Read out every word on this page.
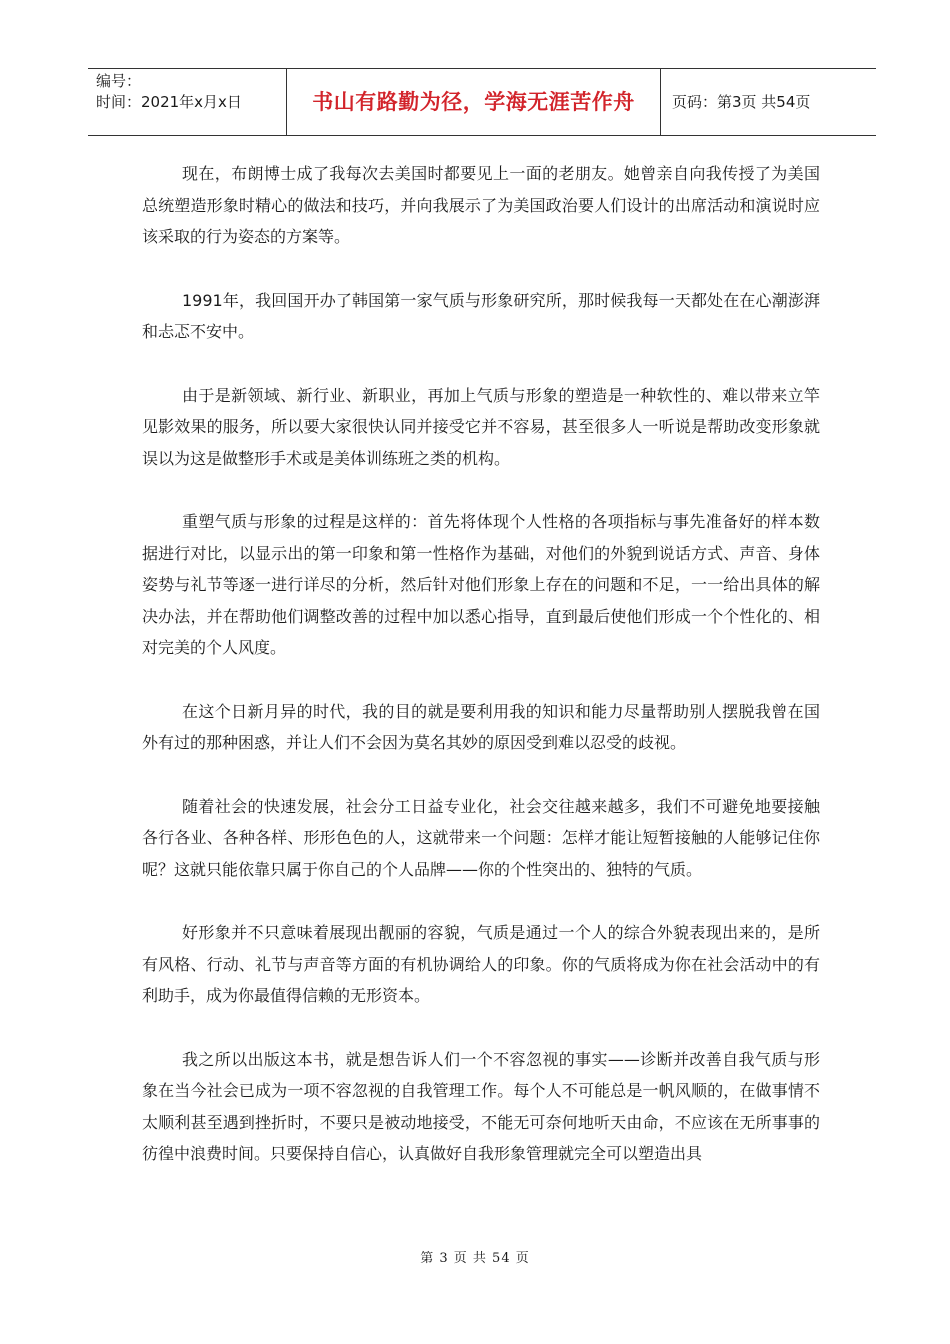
编号：
时间：2021年x月x日	书山有路勤为径，学海无涯苦作舟	页码：第3页 共54页

现在，布朗博士成了我每次去美国时都要见上一面的老朋友。她曾亲自向我传授了为美国总统塑造形象时精心的做法和技巧，并向我展示了为美国政治要人们设计的出席活动和演说时应该采取的行为姿态的方案等。

1991年，我回国开办了韩国第一家气质与形象研究所，那时候我每一天都处在在心潮澎湃和忐忑不安中。

由于是新领域、新行业、新职业，再加上气质与形象的塑造是一种软性的、难以带来立竿见影效果的服务，所以要大家很快认同并接受它并不容易，甚至很多人一听说是帮助改变形象就误以为这是做整形手术或是美体训练班之类的机构。

重塑气质与形象的过程是这样的：首先将体现个人性格的各项指标与事先准备好的样本数据进行对比，以显示出的第一印象和第一性格作为基础，对他们的外貌到说话方式、声音、身体姿势与礼节等逐一进行详尽的分析，然后针对他们形象上存在的问题和不足，一一给出具体的解决办法，并在帮助他们调整改善的过程中加以悉心指导，直到最后使他们形成一个个性化的、相对完美的个人风度。

在这个日新月异的时代，我的目的就是要利用我的知识和能力尽量帮助别人摆脱我曾在国外有过的那种困惑，并让人们不会因为莫名其妙的原因受到难以忍受的歧视。

随着社会的快速发展，社会分工日益专业化，社会交往越来越多，我们不可避免地要接触各行各业、各种各样、形形色色的人，这就带来一个问题：怎样才能让短暂接触的人能够记住你呢？这就只能依靠只属于你自己的个人品牌——你的个性突出的、独特的气质。

好形象并不只意味着展现出靓丽的容貌，气质是通过一个人的综合外貌表现出来的，是所有风格、行动、礼节与声音等方面的有机协调给人的印象。你的气质将成为你在社会活动中的有利助手，成为你最值得信赖的无形资本。

我之所以出版这本书，就是想告诉人们一个不容忽视的事实——诊断并改善自我气质与形象在当今社会已成为一项不容忽视的自我管理工作。每个人不可能总是一帆风顺的，在做事情不太顺利甚至遇到挫折时，不要只是被动地接受，不能无可奈何地听天由命，不应该在无所事事的彷徨中浪费时间。只要保持自信心，认真做好自我形象管理就完全可以塑造出具

第 3 页 共 54 页
